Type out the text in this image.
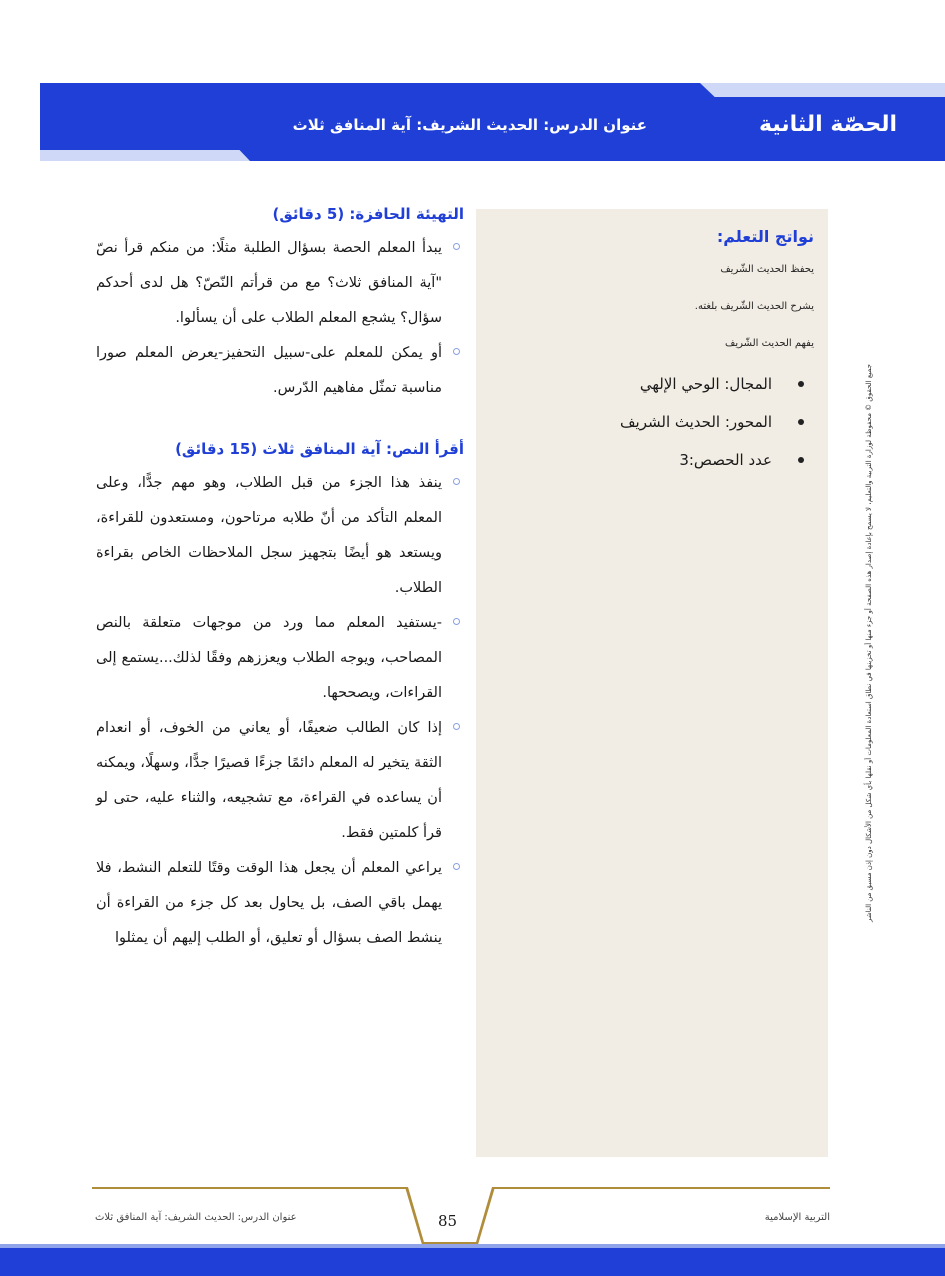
الحصّة الثانية
عنوان الدرس: الحديث الشريف: آية المنافق ثلاث
جميع الحقوق © محفوظة لوزارة التربية والتعليم، لا يسمح بإعادة إصدار هذه الصفحة أو جزء منها أو تخزينها في نطاق استعادة المعلومات أو نقلها بأي شكل من الأشكال دون إذن مسبق من الناشر
نواتج التعلم:
يحفظ الحديث الشّريف
يشرح الحديث الشّريف بلغته.
يفهم الحديث الشّريف
المجال: الوحي الإلهي
المحور: الحديث الشريف
عدد الحصص:3
التهيئة الحافزة: (5 دقائق)

يبدأ المعلم الحصة بسؤال الطلبة مثلًا: من منكم قرأ نصّ "آية المنافق ثلاث؟ مع من قرأتم النّصّ؟ هل لدى أحدكم سؤال؟ يشجع المعلم الطلاب على أن يسألوا.

أو يمكن للمعلم على-سبيل التحفيز-يعرض المعلم صورا مناسبة تمثّل مفاهيم الدّرس.

أقرأ النص: آية المنافق ثلاث (15 دقائق)

ينفذ هذا الجزء من قبل الطلاب، وهو مهم جدًّا، وعلى المعلم التأكد من أنّ طلابه مرتاحون، ومستعدون للقراءة، ويستعد هو أيضًا بتجهيز سجل الملاحظات الخاص بقراءة الطلاب.

-يستفيد المعلم مما ورد من موجهات متعلقة بالنص المصاحب، ويوجه الطلاب ويعززهم وفقًا لذلك...يستمع إلى القراءات، ويصححها.

إذا كان الطالب ضعيفًا، أو يعاني من الخوف، أو انعدام الثقة يتخير له المعلم دائمًا جزءًا قصيرًا جدًّا، وسهلًا، ويمكنه أن يساعده في القراءة، مع تشجيعه، والثناء عليه، حتى لو قرأ كلمتين فقط.

يراعي المعلم أن يجعل هذا الوقت وقتًا للتعلم النشط، فلا يهمل باقي الصف، بل يحاول بعد كل جزء من القراءة أن ينشط الصف بسؤال أو تعليق، أو الطلب إليهم أن يمثلوا

85
عنوان الدرس: الحديث الشريف: آية المنافق ثلاث	التربية الإسلامية
